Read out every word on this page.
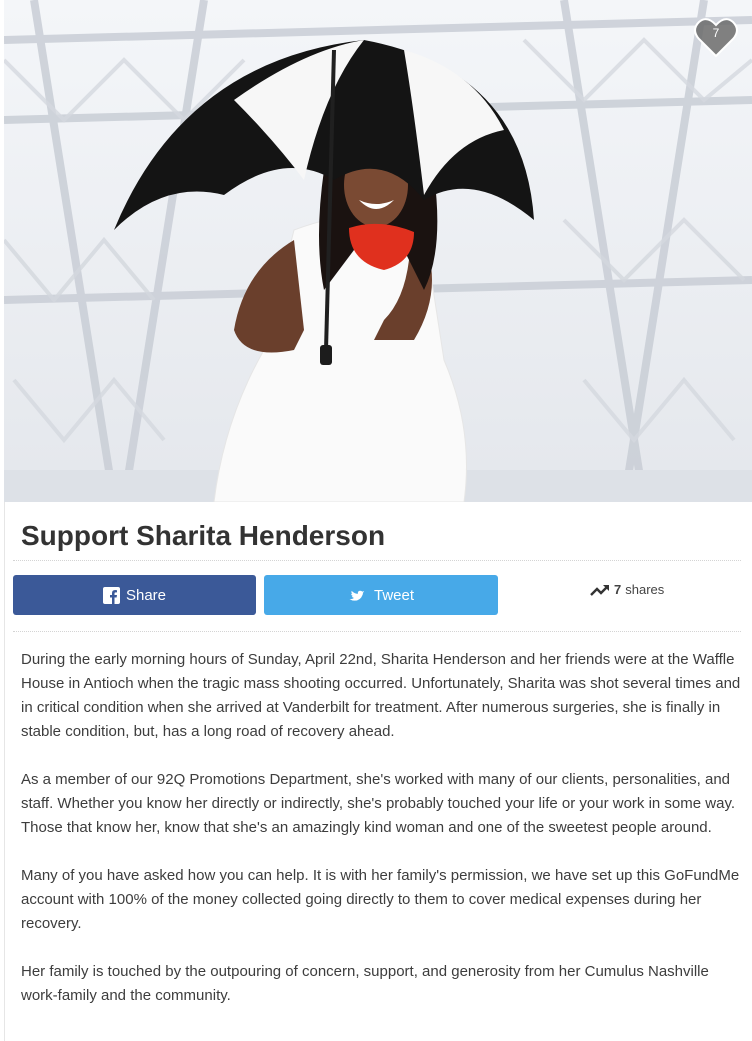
7
Support Sharita Henderson
Share	Tweet	7 shares

During the early morning hours of Sunday, April 22nd, Sharita Henderson and her friends were at the Waffle House in Antioch when the tragic mass shooting occurred. Unfortunately, Sharita was shot several times and in critical condition when she arrived at Vanderbilt for treatment. After numerous surgeries, she is finally in stable condition, but, has a long road of recovery ahead.

As a member of our 92Q Promotions Department, she's worked with many of our clients, personalities, and staff. Whether you know her directly or indirectly, she's probably touched your life or your work in some way. Those that know her, know that she's an amazingly kind woman and one of the sweetest people around.

Many of you have asked how you can help. It is with her family's permission, we have set up this GoFundMe account with 100% of the money collected going directly to them to cover medical expenses during her recovery.

Her family is touched by the outpouring of concern, support, and generosity from her Cumulus Nashville work-family and the community.
